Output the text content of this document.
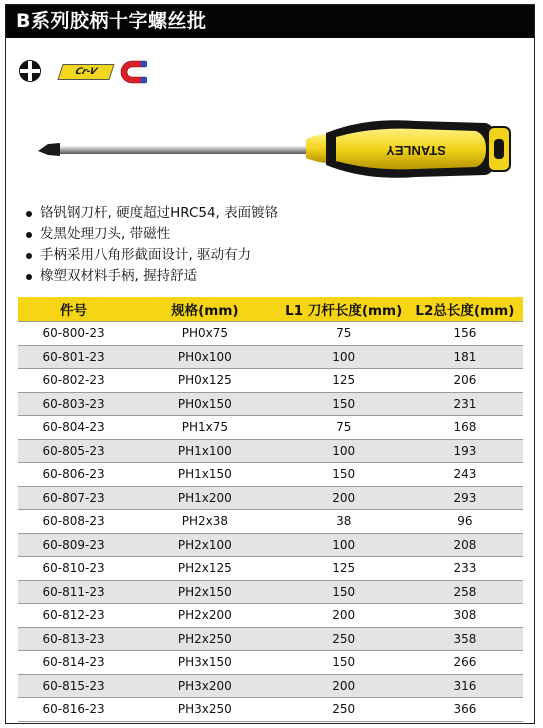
B系列胶柄十字螺丝批
Cr-V
STANLEY
铬钒钢刀杆, 硬度超过HRC54, 表面镀铬
发黑处理刀头, 带磁性
手柄采用八角形截面设计, 驱动有力
橡塑双材料手柄, 握持舒适
件号	规格(mm)	L1 刀杆长度(mm)	L2总长度(mm)
60-800-23	PH0x75	75	156
60-801-23	PH0x100	100	181
60-802-23	PH0x125	125	206
60-803-23	PH0x150	150	231
60-804-23	PH1x75	75	168
60-805-23	PH1x100	100	193
60-806-23	PH1x150	150	243
60-807-23	PH1x200	200	293
60-808-23	PH2x38	38	96
60-809-23	PH2x100	100	208
60-810-23	PH2x125	125	233
60-811-23	PH2x150	150	258
60-812-23	PH2x200	200	308
60-813-23	PH2x250	250	358
60-814-23	PH3x150	150	266
60-815-23	PH3x200	200	316
60-816-23	PH3x250	250	366
